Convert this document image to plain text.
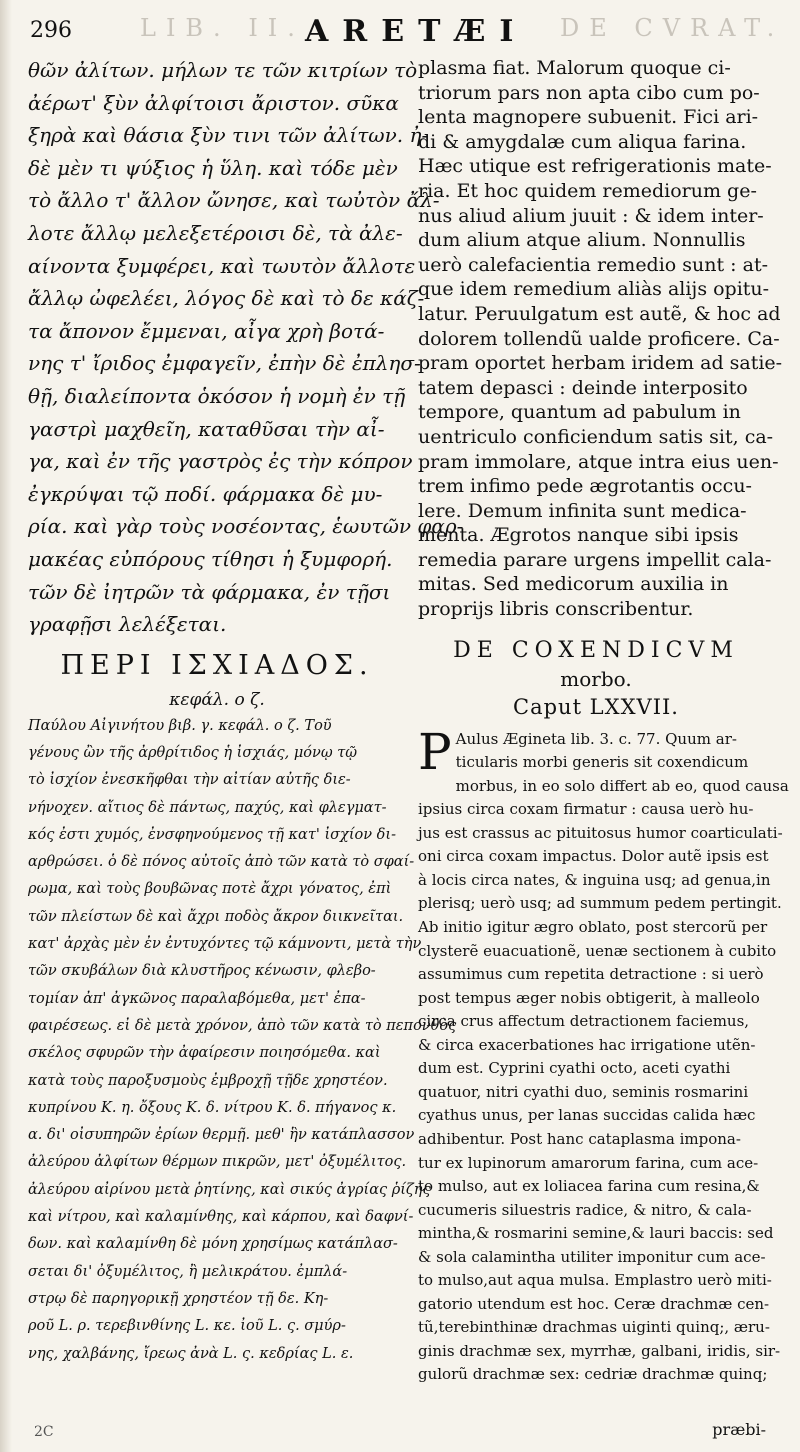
296	LIB. II. ARETÆI DE CVRAT.
θῶν ἀλίτων. μήλων τε τῶν κιτρίων τὸ
ἀέρωτ' ξὺν ἀλφίτοισι ἄριστον. σῦκα
ξηρὰ καὶ θάσια ξὺν τινι τῶν ἀλίτων. ἠ-
δὲ μὲν τι ψύξιος ἡ ὕλη. καὶ τόδε μὲν
τὸ ἄλλο τ' ἄλλον ὤνησε, καὶ τωὐτὸν ἄλ-
λοτε ἄλλῳ μελεξετέροισι δὲ, τὰ ἀλε-
αίνοντα ξυμφέρει, καὶ τωυτὸν ἄλλοτε
ἄλλῳ ὠφελέει, λόγος δὲ καὶ τὸ δε κάζ-
τα ἄπονον ἔμμεναι, αἶγα χρὴ βοτά-
νης τ' ἴριδος ἐμφαγεῖν, ἐπὴν δὲ ἐπλησ-
θῇ, διαλείποντα ὁκόσον ἡ νομὴ ἐν τῇ
γαστρὶ μαχθεῖη, καταθῦσαι τὴν αἶ-
γα, καὶ ἐν τῆς γαστρὸς ἐς τὴν κόπρον
ἐγκρύψαι τῷ ποδί. φάρμακα δὲ μυ-
ρία. καὶ γὰρ τοὺς νοσέοντας, ἑωυτῶν φαρ-
μακέας εὐπόρους τίθησι ἡ ξυμφορή.
τῶν δὲ ἰητρῶν τὰ φάρμακα, ἐν τῇσι
γραφῇσι λελέξεται.
ΠΕΡΙ ΙΣΧΙΑΔΟΣ.
κεφάλ. ο ζ.
Παύλου Αἰγινήτου βιβ. γ. κεφάλ. ο ζ. Τοῦ
γένους ὢν τῆς ἀρθρίτιδος ἡ ἰσχιάς, μόνῳ τῷ
τὸ ἰσχίον ἐνεσκῆφθαι τὴν αἰτίαν αὐτῆς διε-
νήνοχεν. αἴτιος δὲ πάντως, παχύς, καὶ φλεγματ-
κός ἐστι χυμός, ἐνσφηνούμενος τῇ κατ' ἰσχίον δι-
αρθρώσει. ὁ δὲ πόνος αὐτοῖς ἀπὸ τῶν κατὰ τὸ σφαί-
ρωμα, καὶ τοὺς βουβῶνας ποτὲ ἄχρι γόνατος, ἐπὶ
τῶν πλείστων δὲ καὶ ἄχρι ποδὸς ἄκρον διικνεῖται.
κατ' ἀρχὰς μὲν ἐν ἐντυχόντες τῷ κάμνοντι, μετὰ τὴν
τῶν σκυβάλων διὰ κλυστῆρος κένωσιν, φλεβο-
τομίαν ἀπ' ἀγκῶνος παραλαβόμεθα, μετ' ἐπα-
φαιρέσεως. εἰ δὲ μετὰ χρόνον, ἀπὸ τῶν κατὰ τὸ πεπονθὸς
σκέλος σφυρῶν τὴν ἀφαίρεσιν ποιησόμεθα. καὶ
κατὰ τοὺς παροξυσμοὺς ἐμβροχῇ τῇδε χρηστέον.
κυπρίνου Κ. η. ὄξους Κ. δ. νίτρου Κ. δ. πήγανος κ.
α. δι' οἰσυπηρῶν ἐρίων θερμῇ. μεθ' ἣν κατάπλασσον
ἀλεύρου ἀλφίτων θέρμων πικρῶν, μετ' ὀξυμέλιτος.
ἀλεύρου αἰρίνου μετὰ ῥητίνης, καὶ σικύς ἀγρίας ῥίζης
καὶ νίτρου, καὶ καλαμίνθης, καὶ κάρπου, καὶ δαφνί-
δων. καὶ καλαμίνθη δὲ μόνη χρησίμως κατάπλασ-
σεται δι' ὀξυμέλιτος, ἢ μελικράτου. ἐμπλά-
στρῳ δὲ παρηγορικῇ χρηστέον τῇ δε. Κη-
ροῦ L. ρ. τερεβινθίνης L. κε. ἰοῦ L. ς. σμύρ-
νης, χαλβάνης, ἴρεως ἀνὰ L. ς. κεδρίας L. ε.
plasma fiat. Malorum quoque ci-
triorum pars non apta cibo cum po-
lenta magnopere subuenit. Fici ari-
di & amygdalæ cum aliqua farina.
Hæc utique est refrigerationis mate-
ria. Et hoc quidem remediorum ge-
nus aliud alium juuit : & idem inter-
dum alium atque alium. Nonnullis
uerò calefacientia remedio sunt : at-
que idem remedium aliàs alijs opitu-
latur. Peruulgatum est autẽ, & hoc ad
dolorem tollendũ ualde proficere. Ca-
pram oportet herbam iridem ad satie-
tatem depasci : deinde interposito
tempore, quantum ad pabulum in
uentriculo conficiendum satis sit, ca-
pram immolare, atque intra eius uen-
trem infimo pede ægrotantis occu-
lere. Demum infinita sunt medica-
menta. Ægrotos nanque sibi ipsis
remedia parare urgens impellit cala-
mitas. Sed medicorum auxilia in
proprijs libris conscribentur.
DE COXENDICVM
morbo.
Caput LXXVII.
P Aulus Ægineta lib. 3. c. 77. Quum ar-
ticularis morbi generis sit coxendicum
morbus, in eo solo differt ab eo, quod causa
ipsius circa coxam firmatur : causa uerò hu-
jus est crassus ac pituitosus humor coarticulati-
oni circa coxam impactus. Dolor autẽ ipsis est
à locis circa nates, & inguina usq; ad genua,in
plerisq; uerò usq; ad summum pedem pertingit.
Ab initio igitur ægro oblato, post stercorũ per
clysterẽ euacuationẽ, uenæ sectionem à cubito
assumimus cum repetita detractione : si uerò
post tempus æger nobis obtigerit, à malleolo
circa crus affectum detractionem faciemus,
& circa exacerbationes hac irrigatione utẽn-
dum est. Cyprini cyathi octo, aceti cyathi
quatuor, nitri cyathi duo, seminis rosmarini
cyathus unus, per lanas succidas calida hæc
adhibentur. Post hanc cataplasma impona-
tur ex lupinorum amarorum farina, cum ace-
to mulso, aut ex loliacea farina cum resina,&
cucumeris siluestris radice, & nitro, & cala-
mintha,& rosmarini semine,& lauri baccis: sed
& sola calamintha utiliter imponitur cum ace-
to mulso,aut aqua mulsa. Emplastro uerò miti-
gatorio utendum est hoc. Ceræ drachmæ cen-
tũ,terebinthinæ drachmas uiginti quinq;, æru-
ginis drachmæ sex, myrrhæ, galbani, iridis, sir-
gulorũ drachmæ sex: cedriæ drachmæ quinq;
2C	præbi-
